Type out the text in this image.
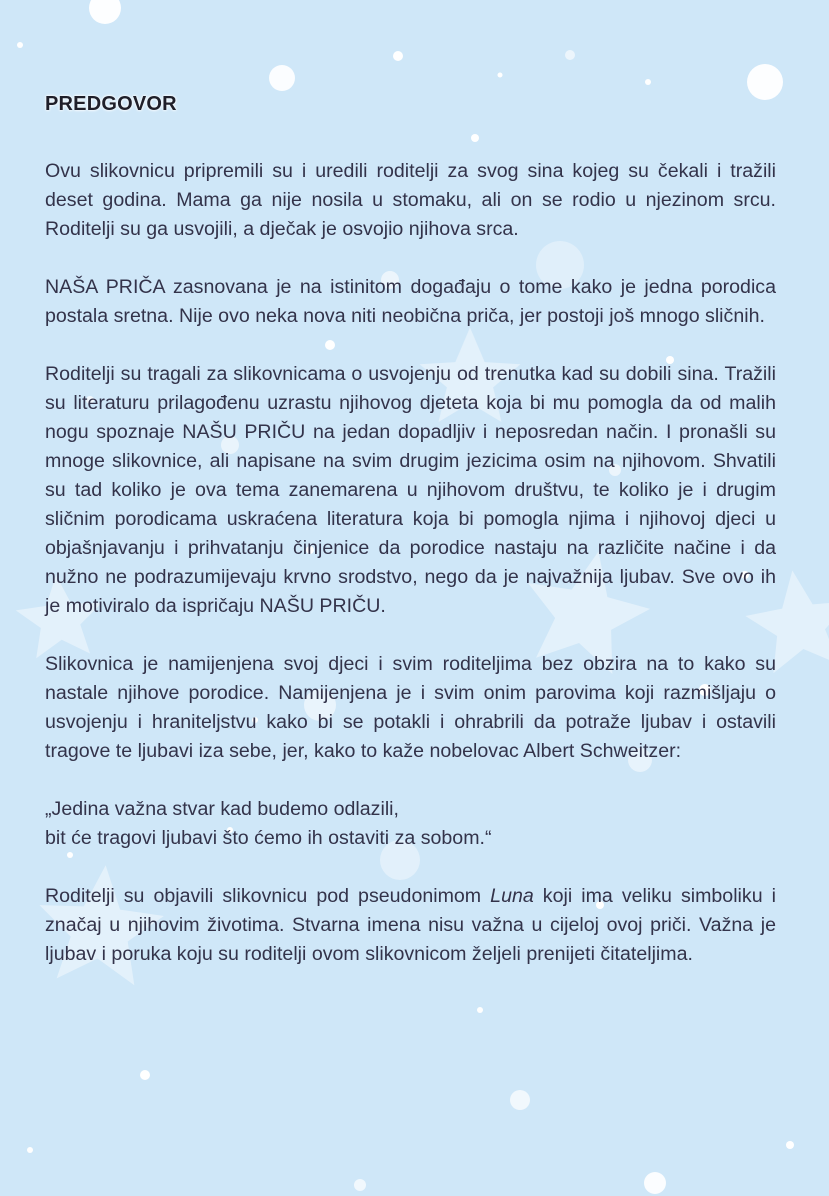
PREDGOVOR

Ovu slikovnicu pripremili su i uredili roditelji za svog sina kojeg su čekali i tražili deset godina. Mama ga nije nosila u stomaku, ali on se rodio u njezinom srcu. Roditelji su ga usvojili, a dječak je osvojio njihova srca.

NAŠA PRIČA zasnovana je na istinitom događaju o tome kako je jedna porodica postala sretna. Nije ovo neka nova niti neobična priča, jer postoji još mnogo sličnih.

Roditelji su tragali za slikovnicama o usvojenju od trenutka kad su dobili sina. Tražili su literaturu prilagođenu uzrastu njihovog djeteta koja bi mu pomogla da od malih nogu spoznaje NAŠU PRIČU na jedan dopadljiv i neposredan način. I pronašli su mnoge slikovnice, ali napisane na svim drugim jezicima osim na njihovom. Shvatili su tad koliko je ova tema zanemarena u njihovom društvu, te koliko je i drugim sličnim porodicama uskraćena literatura koja bi pomogla njima i njihovoj djeci u objašnjavanju i prihvatanju činjenice da porodice nastaju na različite načine i da nužno ne podrazumijevaju krvno srodstvo, nego da je najvažnija ljubav. Sve ovo ih je motiviralo da ispričaju NAŠU PRIČU.

Slikovnica je namijenjena svoj djeci i svim roditeljima bez obzira na to kako su nastale njihove porodice. Namijenjena je i svim onim parovima koji razmišljaju o usvojenju i hraniteljstvu kako bi se potakli i ohrabrili da potraže ljubav i ostavili tragove te ljubavi iza sebe, jer, kako to kaže nobelovac Albert Schweitzer:

„Jedina važna stvar kad budemo odlazili,
bit će tragovi ljubavi što ćemo ih ostaviti za sobom.“

Roditelji su objavili slikovnicu pod pseudonimom Luna koji ima veliku simboliku i značaj u njihovim životima. Stvarna imena nisu važna u cijeloj ovoj priči. Važna je ljubav i poruka koju su roditelji ovom slikovnicom željeli prenijeti čitateljima.
